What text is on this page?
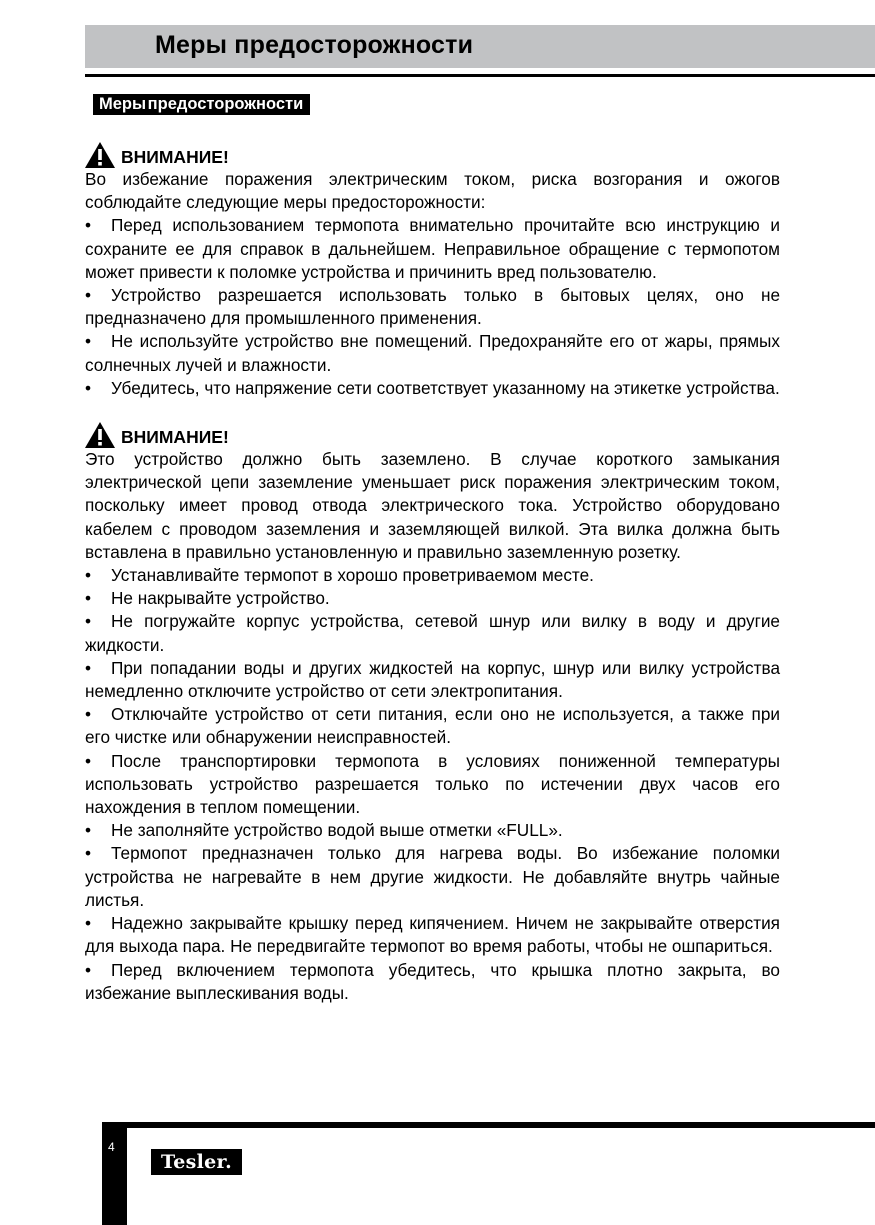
Меры предосторожности
Меры предосторожности
ВНИМАНИЕ!

Во избежание поражения электрическим током, риска возгорания и ожогов соблюдайте следующие меры предосторожности:

• Перед использованием термопота внимательно прочитайте всю инструкцию и сохраните ее для справок в дальнейшем. Неправильное обращение с термопотом может привести к поломке устройства и причинить вред пользователю.

• Устройство разрешается использовать только в бытовых целях, оно не предназначено для промышленного применения.

• Не используйте устройство вне помещений. Предохраняйте его от жары, прямых солнечных лучей и влажности.

• Убедитесь, что напряжение сети соответствует указанному на этикетке устройства.

ВНИМАНИЕ!

Это устройство должно быть заземлено. В случае короткого замыкания электрической цепи заземление уменьшает риск поражения электрическим током, поскольку имеет провод отвода электрического тока. Устройство оборудовано кабелем с проводом заземления и заземляющей вилкой. Эта вилка должна быть вставлена в правильно установленную и правильно заземленную розетку.

• Устанавливайте термопот в хорошо проветриваемом месте.

• Не накрывайте устройство.

• Не погружайте корпус устройства, сетевой шнур или вилку в воду и другие жидкости.

• При попадании воды и других жидкостей на корпус, шнур или вилку устройства немедленно отключите устройство от сети электропитания.

• Отключайте устройство от сети питания, если оно не используется, а также при его чистке или обнаружении неисправностей.

• После транспортировки термопота в условиях пониженной температуры использовать устройство разрешается только по истечении двух часов его нахождения в теплом помещении.

• Не заполняйте устройство водой выше отметки «FULL».

• Термопот предназначен только для нагрева воды. Во избежание поломки устройства не нагревайте в нем другие жидкости. Не добавляйте внутрь чайные листья.

• Надежно закрывайте крышку перед кипячением. Ничем не закрывайте отверстия для выхода пара. Не передвигайте термопот во время работы, чтобы не ошпариться.

• Перед включением термопота убедитесь, что крышка плотно закрыта, во избежание выплескивания воды.

4
Tesler.
